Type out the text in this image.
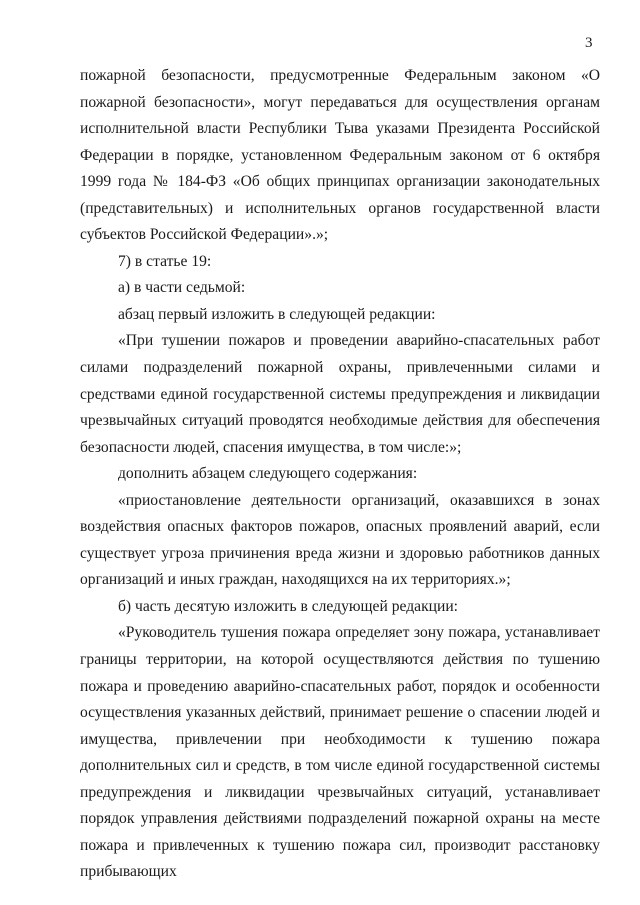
3

пожарной безопасности, предусмотренные Федеральным законом «О пожарной безопасности», могут передаваться для осуществления органам исполнительной власти Республики Тыва указами Президента Российской Федерации в порядке, установленном Федеральным законом от 6 октября 1999 года № 184-ФЗ «Об общих принципах организации законодательных (представительных) и исполнительных органов государственной власти субъектов Российской Федерации».»;

7) в статье 19:

а) в части седьмой:

абзац первый изложить в следующей редакции:

«При тушении пожаров и проведении аварийно-спасательных работ силами подразделений пожарной охраны, привлеченными силами и средствами единой государственной системы предупреждения и ликвидации чрезвычайных ситуаций проводятся необходимые действия для обеспечения безопасности людей, спасения имущества, в том числе:»;

дополнить абзацем следующего содержания:

«приостановление деятельности организаций, оказавшихся в зонах воздействия опасных факторов пожаров, опасных проявлений аварий, если существует угроза причинения вреда жизни и здоровью работников данных организаций и иных граждан, находящихся на их территориях.»;

б) часть десятую изложить в следующей редакции:

«Руководитель тушения пожара определяет зону пожара, устанавливает границы территории, на которой осуществляются действия по тушению пожара и проведению аварийно-спасательных работ, порядок и особенности осуществления указанных действий, принимает решение о спасении людей и имущества, привлечении при необходимости к тушению пожара дополнительных сил и средств, в том числе единой государственной системы предупреждения и ликвидации чрезвычайных ситуаций, устанавливает порядок управления действиями подразделений пожарной охраны на месте пожара и привлеченных к тушению пожара сил, производит расстановку прибывающих
